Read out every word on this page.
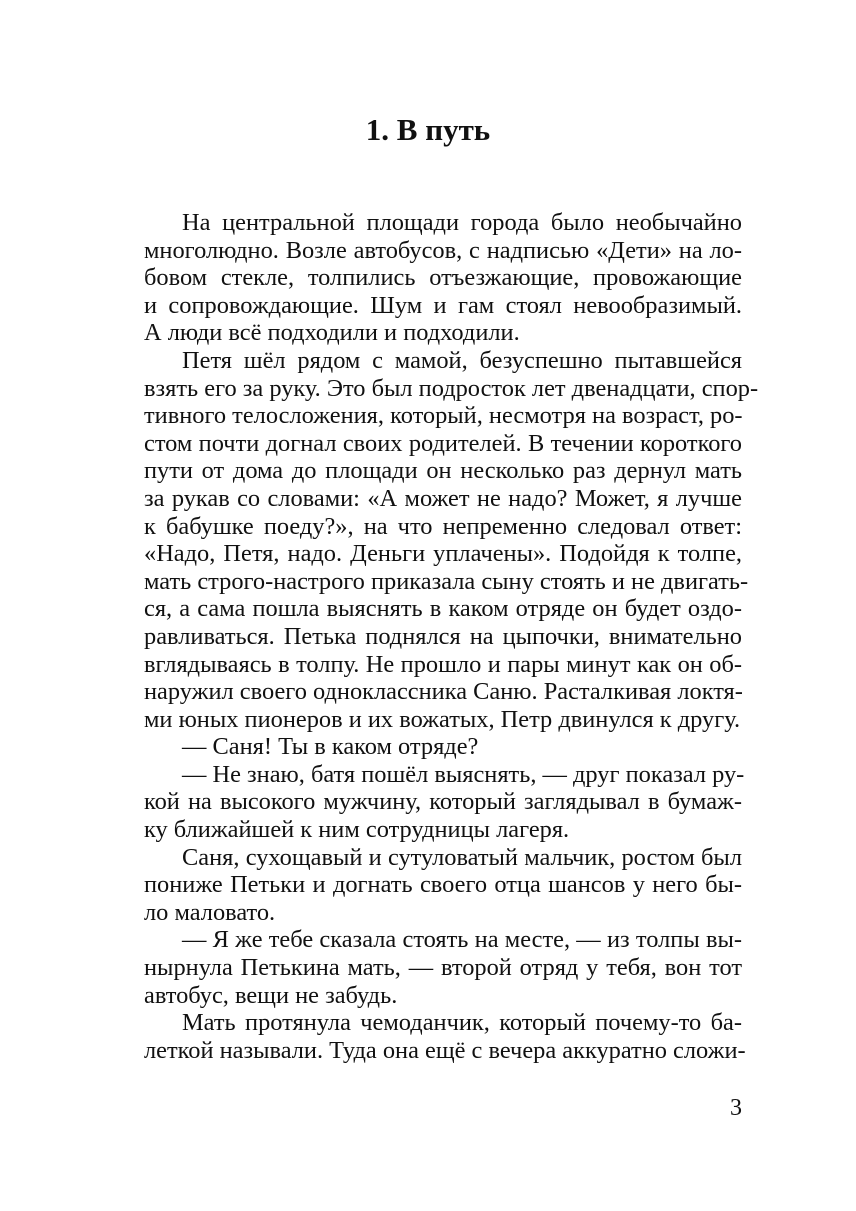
1. В путь
На центральной площади города было необычайно
многолюдно. Возле автобусов, с надписью «Дети» на ло-
бовом стекле, толпились отъезжающие, провожающие
и сопровождающие. Шум и гам стоял невообразимый.
А люди всё подходили и подходили.
Петя шёл рядом с мамой, безуспешно пытавшейся
взять его за руку. Это был подросток лет двенадцати, спор-
тивного телосложения, который, несмотря на возраст, ро-
стом почти догнал своих родителей. В течении короткого
пути от дома до площади он несколько раз дернул мать
за рукав со словами: «А может не надо? Может, я лучше
к бабушке поеду?», на что непременно следовал ответ:
«Надо, Петя, надо. Деньги уплачены». Подойдя к толпе,
мать строго-настрого приказала сыну стоять и не двигать-
ся, а сама пошла выяснять в каком отряде он будет оздо-
равливаться. Петька поднялся на цыпочки, внимательно
вглядываясь в толпу. Не прошло и пары минут как он об-
наружил своего одноклассника Саню. Расталкивая локтя-
ми юных пионеров и их вожатых, Петр двинулся к другу.
— Саня! Ты в каком отряде?
— Не знаю, батя пошёл выяснять, — друг показал ру-
кой на высокого мужчину, который заглядывал в бумаж-
ку ближайшей к ним сотрудницы лагеря.
Саня, сухощавый и сутуловатый мальчик, ростом был
пониже Петьки и догнать своего отца шансов у него бы-
ло маловато.
— Я же тебе сказала стоять на месте, — из толпы вы-
нырнула Петькина мать, — второй отряд у тебя, вон тот
автобус, вещи не забудь.
Мать протянула чемоданчик, который почему-то ба-
леткой называли. Туда она ещё с вечера аккуратно сложи-
3
